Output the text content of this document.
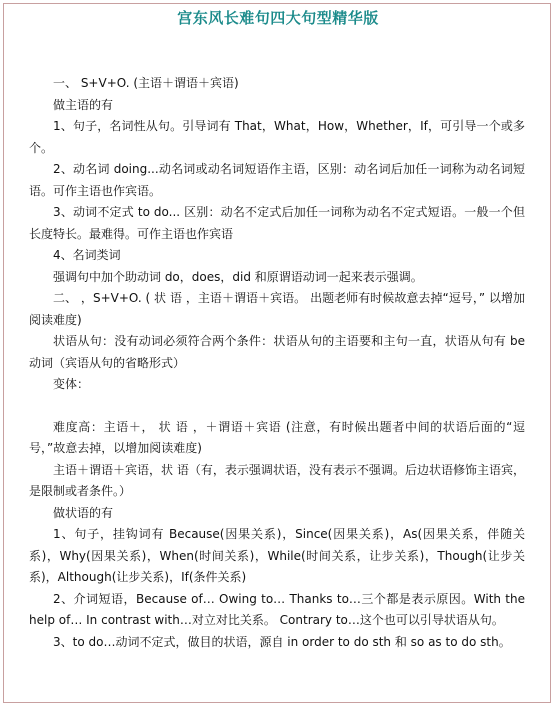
宫东风长难句四大句型精华版

一、 S+V+O. (主语＋谓语＋宾语)

做主语的有

1、句子，名词性从句。引导词有 That，What，How，Whether，If，可引导一个或多个。

2、动名词 doing...动名词或动名词短语作主语，区别：动名词后加任一词称为动名词短语。可作主语也作宾语。

3、动词不定式 to do... 区别：动名不定式后加任一词称为动名不定式短语。一般一个但长度特长。最难得。可作主语也作宾语

4、名词类词

强调句中加个助动词 do，does，did 和原谓语动词一起来表示强调。

二、 ，S+V+O. ( 状 语 ，主语＋谓语＋宾语。 出题老师有时候故意去掉“逗号，” 以增加阅读难度)

状语从句：没有动词必须符合两个条件：状语从句的主语要和主句一直，状语从句有 be 动词（宾语从句的省略形式）

变体：

难度高：主语＋， 状 语 ，＋谓语＋宾语 (注意，有时候出题者中间的状语后面的“逗号，”故意去掉，以增加阅读难度)

主语＋谓语＋宾语，状 语（有，表示强调状语，没有表示不强调。后边状语修饰主语宾，是限制或者条件。）

做状语的有

1、句子，挂钩词有 Because(因果关系)，Since(因果关系)，As(因果关系，伴随关系)，Why(因果关系)，When(时间关系)，While(时间关系，让步关系)，Though(让步关系)，Although(让步关系)，If(条件关系)

2、介词短语，Because of… Owing to… Thanks to…三个都是表示原因。With the help of… In contrast with…对立对比关系。 Contrary to…这个也可以引导状语从句。

3、to do…动词不定式，做目的状语，源自 in order to do sth 和 so as to do sth。
